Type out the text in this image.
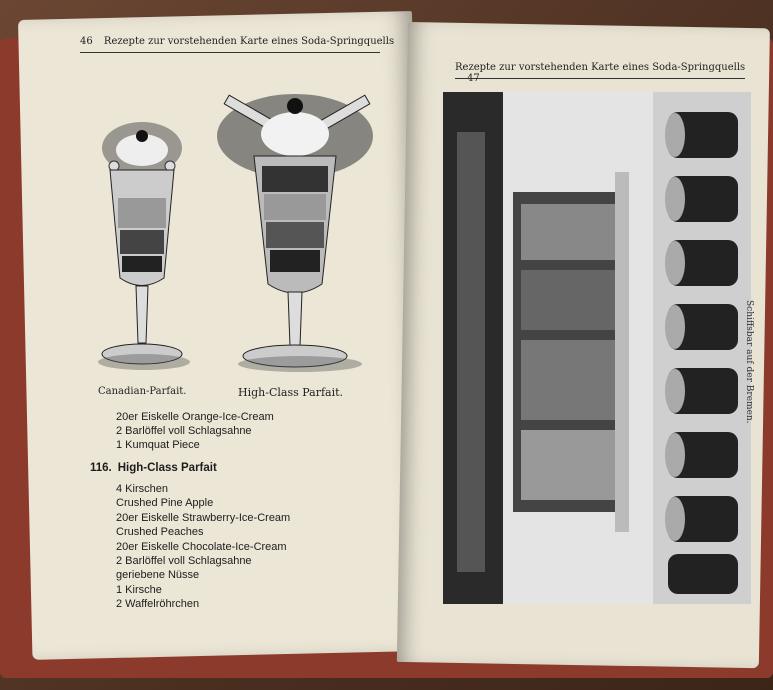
46 Rezepte zur vorstehenden Karte eines Soda-Springquells
Canadian-Parfait.	High-Class Parfait.
20er Eiskelle Orange-Ice-Cream
2 Barlöffel voll Schlagsahne
1 Kumquat Piece
116. High-Class Parfait
4 Kirschen
Crushed Pine Apple
20er Eiskelle Strawberry-Ice-Cream
Crushed Peaches
20er Eiskelle Chocolate-Ice-Cream
2 Barlöffel voll Schlagsahne
geriebene Nüsse
1 Kirsche
2 Waffelröhrchen
Rezepte zur vorstehenden Karte eines Soda-Springquells
Schiffsbar auf der Bremen.
